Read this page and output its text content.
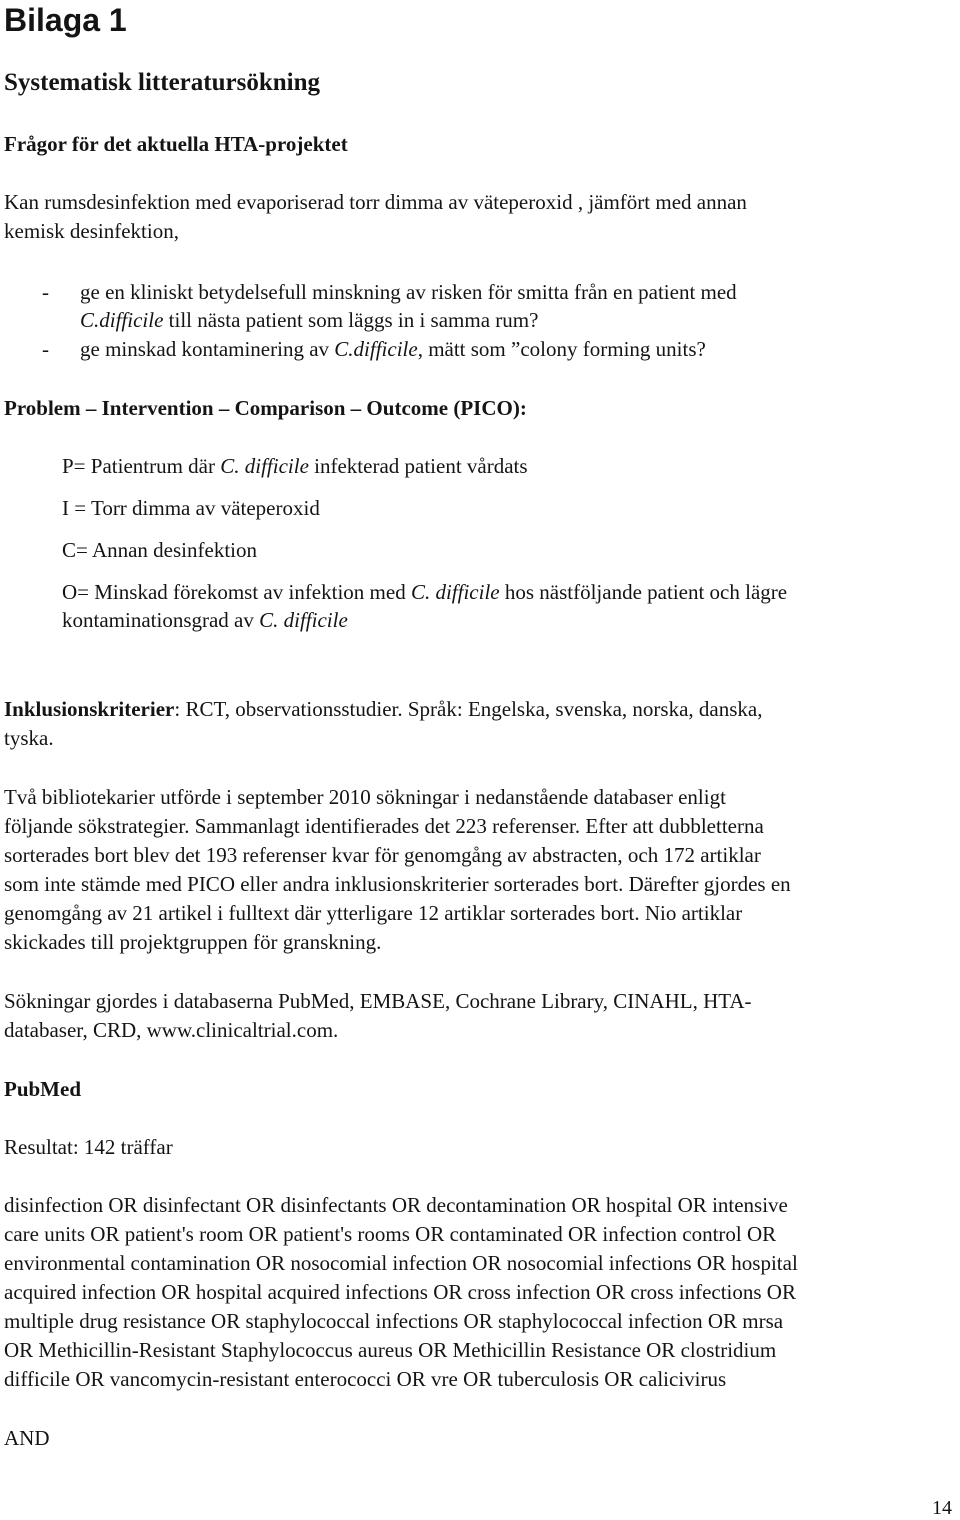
Bilaga 1
Systematisk litteratursökning
Frågor för det aktuella HTA-projektet

Kan rumsdesinfektion med evaporiserad torr dimma av väteperoxid , jämfört med annan

kemisk desinfektion,

- ge en kliniskt betydelsefull minskning av risken för smitta från en patient med

C.difficile till nästa patient som läggs in i samma rum?

- ge minskad kontaminering av C.difficile, mätt som ”colony forming units?

Problem – Intervention – Comparison – Outcome (PICO):

P= Patientrum där C. difficile infekterad patient vårdats

I = Torr dimma av väteperoxid

C= Annan desinfektion

O= Minskad förekomst av infektion med C. difficile hos nästföljande patient och lägre

kontaminationsgrad av C. difficile

Inklusionskriterier: RCT, observationsstudier. Språk: Engelska, svenska, norska, danska,

tyska.

Två bibliotekarier utförde i september 2010 sökningar i nedanstående databaser enligt

följande sökstrategier. Sammanlagt identifierades det 223 referenser. Efter att dubbletterna

sorterades bort blev det 193 referenser kvar för genomgång av abstracten, och 172 artiklar

som inte stämde med PICO eller andra inklusionskriterier sorterades bort. Därefter gjordes en

genomgång av 21 artikel i fulltext där ytterligare 12 artiklar sorterades bort. Nio artiklar

skickades till projektgruppen för granskning.

Sökningar gjordes i databaserna PubMed, EMBASE, Cochrane Library, CINAHL, HTA-

databaser, CRD, www.clinicaltrial.com.

PubMed

Resultat: 142 träffar

disinfection OR disinfectant OR disinfectants OR decontamination OR hospital OR intensive

care units OR patient's room OR patient's rooms OR contaminated OR infection control OR

environmental contamination OR nosocomial infection OR nosocomial infections OR hospital

acquired infection OR hospital acquired infections OR cross infection OR cross infections OR

multiple drug resistance OR staphylococcal infections OR staphylococcal infection OR mrsa

OR Methicillin-Resistant Staphylococcus aureus OR Methicillin Resistance OR clostridium

difficile OR vancomycin-resistant enterococci OR vre OR tuberculosis OR calicivirus

AND

14
